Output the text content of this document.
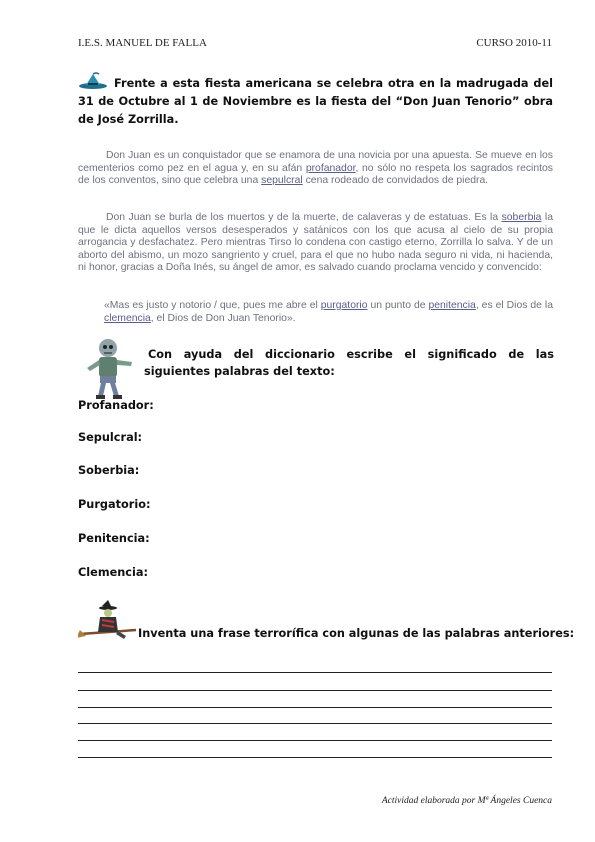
I.E.S. MANUEL DE FALLA	CURSO 2010-11
Frente a esta fiesta americana se celebra otra en la madrugada del 31 de Octubre al 1 de Noviembre es la fiesta del “Don Juan Tenorio” obra de José Zorrilla.
Don Juan es un conquistador que se enamora de una novicia por una apuesta. Se mueve en los cementerios como pez en el agua y, en su afán profanador, no sólo no respeta los sagrados recintos de los conventos, sino que celebra una sepulcral cena rodeado de convidados de piedra.
Don Juan se burla de los muertos y de la muerte, de calaveras y de estatuas. Es la soberbia la que le dicta aquellos versos desesperados y satánicos con los que acusa al cielo de su propia arrogancia y desfachatez. Pero mientras Tirso lo condena con castigo eterno, Zorrilla lo salva. Y de un aborto del abismo, un mozo sangriento y cruel, para el que no hubo nada seguro ni vida, ni hacienda, ni honor, gracias a Doña Inés, su ángel de amor, es salvado cuando proclama vencido y convencido:
«Mas es justo y notorio / que, pues me abre el purgatorio un punto de penitencia, es el Dios de la clemencia, el Dios de Don Juan Tenorio».
Con ayuda del diccionario escribe el significado de las siguientes palabras del texto:
Profanador:
Sepulcral:
Soberbia:
Purgatorio:
Penitencia:
Clemencia:
Inventa una frase terrorífica con algunas de las palabras anteriores:
Actividad elaborada por Mª Ángeles Cuenca
